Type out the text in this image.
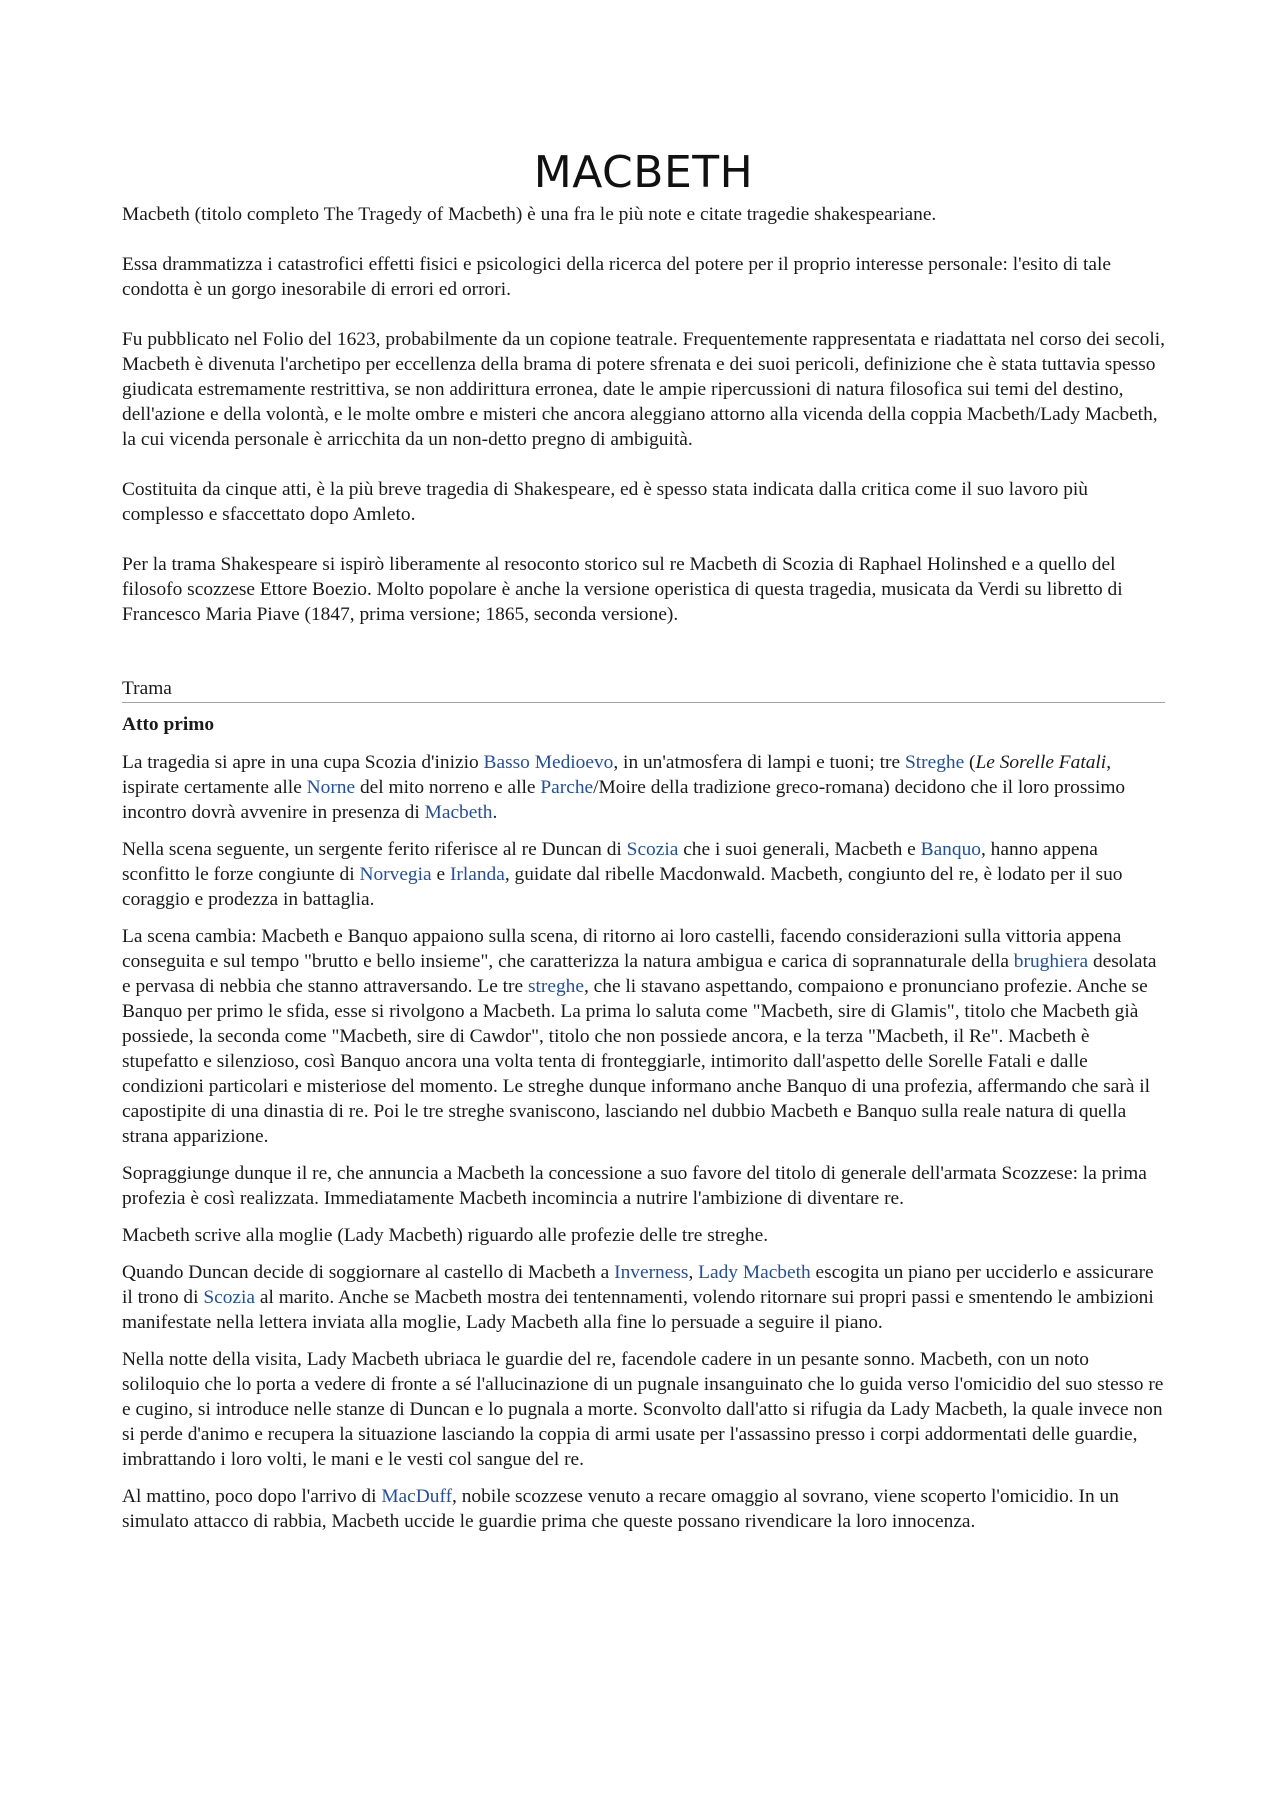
MACBETH

Macbeth (titolo completo The Tragedy of Macbeth) è una fra le più note e citate tragedie shakespeariane.

Essa drammatizza i catastrofici effetti fisici e psicologici della ricerca del potere per il proprio interesse personale: l'esito di tale condotta è un gorgo inesorabile di errori ed orrori.

Fu pubblicato nel Folio del 1623, probabilmente da un copione teatrale. Frequentemente rappresentata e riadattata nel corso dei secoli, Macbeth è divenuta l'archetipo per eccellenza della brama di potere sfrenata e dei suoi pericoli, definizione che è stata tuttavia spesso giudicata estremamente restrittiva, se non addirittura erronea, date le ampie ripercussioni di natura filosofica sui temi del destino, dell'azione e della volontà, e le molte ombre e misteri che ancora aleggiano attorno alla vicenda della coppia Macbeth/Lady Macbeth, la cui vicenda personale è arricchita da un non-detto pregno di ambiguità.

Costituita da cinque atti, è la più breve tragedia di Shakespeare, ed è spesso stata indicata dalla critica come il suo lavoro più complesso e sfaccettato dopo Amleto.

Per la trama Shakespeare si ispirò liberamente al resoconto storico sul re Macbeth di Scozia di Raphael Holinshed e a quello del filosofo scozzese Ettore Boezio. Molto popolare è anche la versione operistica di questa tragedia, musicata da Verdi su libretto di Francesco Maria Piave (1847, prima versione; 1865, seconda versione).

Trama
Atto primo

La tragedia si apre in una cupa Scozia d'inizio Basso Medioevo, in un'atmosfera di lampi e tuoni; tre Streghe (Le Sorelle Fatali, ispirate certamente alle Norne del mito norreno e alle Parche/Moire della tradizione greco-romana) decidono che il loro prossimo incontro dovrà avvenire in presenza di Macbeth.

Nella scena seguente, un sergente ferito riferisce al re Duncan di Scozia che i suoi generali, Macbeth e Banquo, hanno appena sconfitto le forze congiunte di Norvegia e Irlanda, guidate dal ribelle Macdonwald. Macbeth, congiunto del re, è lodato per il suo coraggio e prodezza in battaglia.

La scena cambia: Macbeth e Banquo appaiono sulla scena, di ritorno ai loro castelli, facendo considerazioni sulla vittoria appena conseguita e sul tempo "brutto e bello insieme", che caratterizza la natura ambigua e carica di soprannaturale della brughiera desolata e pervasa di nebbia che stanno attraversando. Le tre streghe, che li stavano aspettando, compaiono e pronunciano profezie. Anche se Banquo per primo le sfida, esse si rivolgono a Macbeth. La prima lo saluta come "Macbeth, sire di Glamis", titolo che Macbeth già possiede, la seconda come "Macbeth, sire di Cawdor", titolo che non possiede ancora, e la terza "Macbeth, il Re". Macbeth è stupefatto e silenzioso, così Banquo ancora una volta tenta di fronteggiarle, intimorito dall'aspetto delle Sorelle Fatali e dalle condizioni particolari e misteriose del momento. Le streghe dunque informano anche Banquo di una profezia, affermando che sarà il capostipite di una dinastia di re. Poi le tre streghe svaniscono, lasciando nel dubbio Macbeth e Banquo sulla reale natura di quella strana apparizione.

Sopraggiunge dunque il re, che annuncia a Macbeth la concessione a suo favore del titolo di generale dell'armata Scozzese: la prima profezia è così realizzata. Immediatamente Macbeth incomincia a nutrire l'ambizione di diventare re.

Macbeth scrive alla moglie (Lady Macbeth) riguardo alle profezie delle tre streghe.

Quando Duncan decide di soggiornare al castello di Macbeth a Inverness, Lady Macbeth escogita un piano per ucciderlo e assicurare il trono di Scozia al marito. Anche se Macbeth mostra dei tentennamenti, volendo ritornare sui propri passi e smentendo le ambizioni manifestate nella lettera inviata alla moglie, Lady Macbeth alla fine lo persuade a seguire il piano.

Nella notte della visita, Lady Macbeth ubriaca le guardie del re, facendole cadere in un pesante sonno. Macbeth, con un noto soliloquio che lo porta a vedere di fronte a sé l'allucinazione di un pugnale insanguinato che lo guida verso l'omicidio del suo stesso re e cugino, si introduce nelle stanze di Duncan e lo pugnala a morte. Sconvolto dall'atto si rifugia da Lady Macbeth, la quale invece non si perde d'animo e recupera la situazione lasciando la coppia di armi usate per l'assassino presso i corpi addormentati delle guardie, imbrattando i loro volti, le mani e le vesti col sangue del re.

Al mattino, poco dopo l'arrivo di MacDuff, nobile scozzese venuto a recare omaggio al sovrano, viene scoperto l'omicidio. In un simulato attacco di rabbia, Macbeth uccide le guardie prima che queste possano rivendicare la loro innocenza.
